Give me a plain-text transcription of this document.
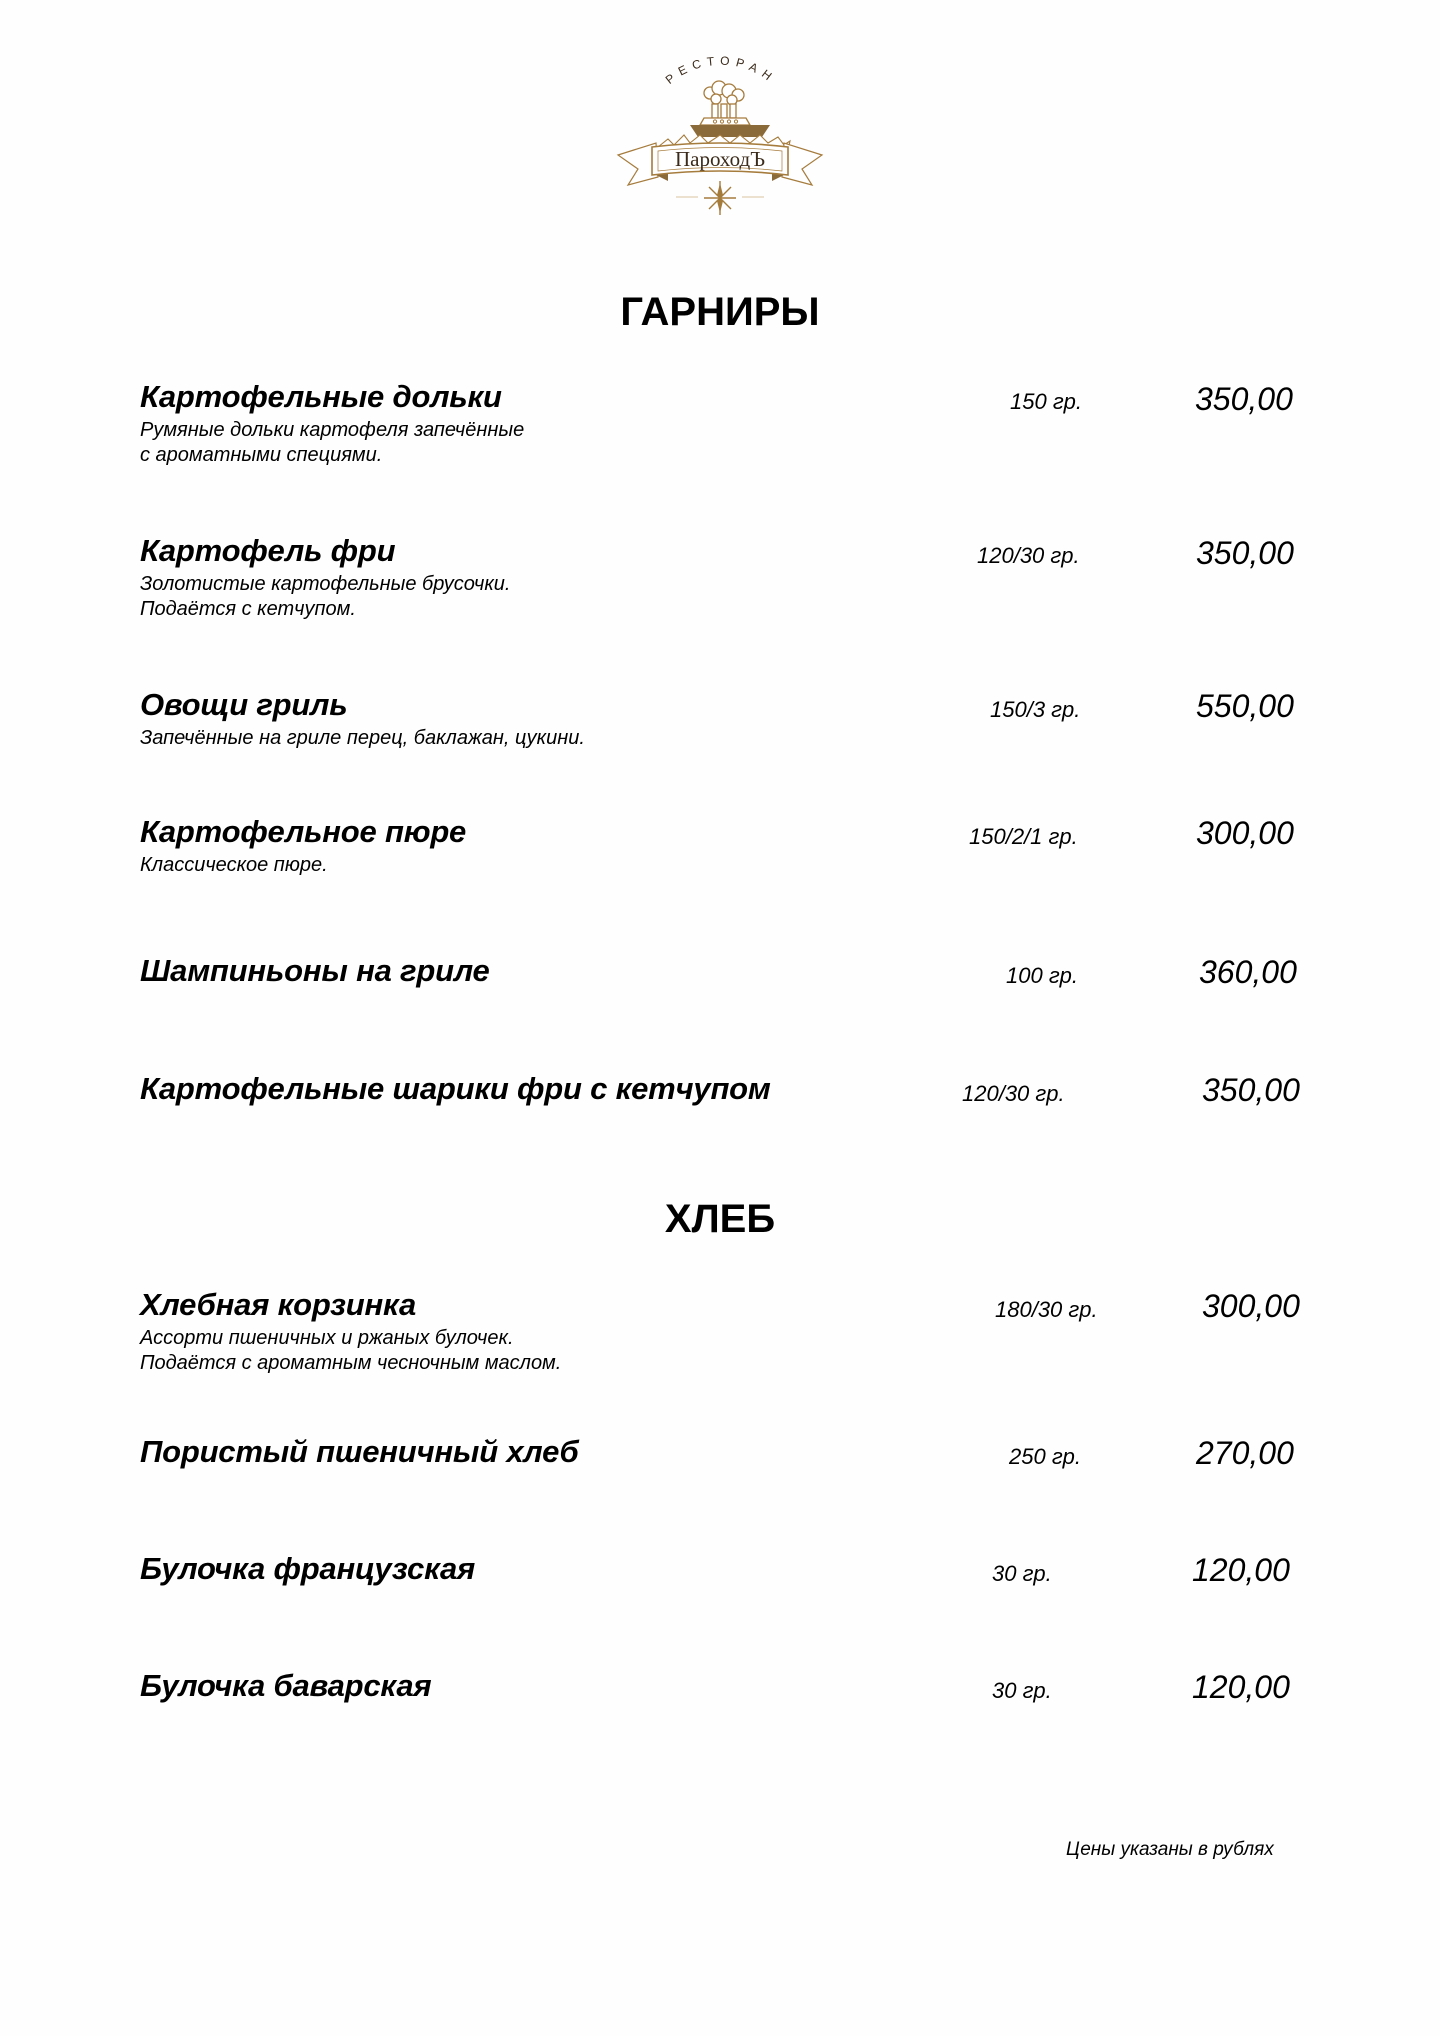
РЕСТОРАН
ПароходЪ
ГАРНИРЫ
Картофельные дольки
Румяные дольки картофеля запечённые
с ароматными специями.
150 гр.	350,00
Картофель фри
Золотистые картофельные брусочки.
Подаётся с кетчупом.
120/30 гр.	350,00
Овощи гриль
Запечённые на гриле перец, баклажан, цукини.
150/3 гр.	550,00
Картофельное пюре
Классическое пюре.
150/2/1 гр.	300,00
Шампиньоны на гриле	100 гр.	360,00
Картофельные шарики фри с кетчупом	120/30 гр.	350,00
ХЛЕБ
Хлебная корзинка
Ассорти пшеничных и ржаных булочек.
Подаётся с ароматным чесночным маслом.
180/30 гр.	300,00
Пористый пшеничный хлеб	250 гр.	270,00
Булочка французская	30 гр.	120,00
Булочка баварская	30 гр.	120,00
Цены указаны в рублях
